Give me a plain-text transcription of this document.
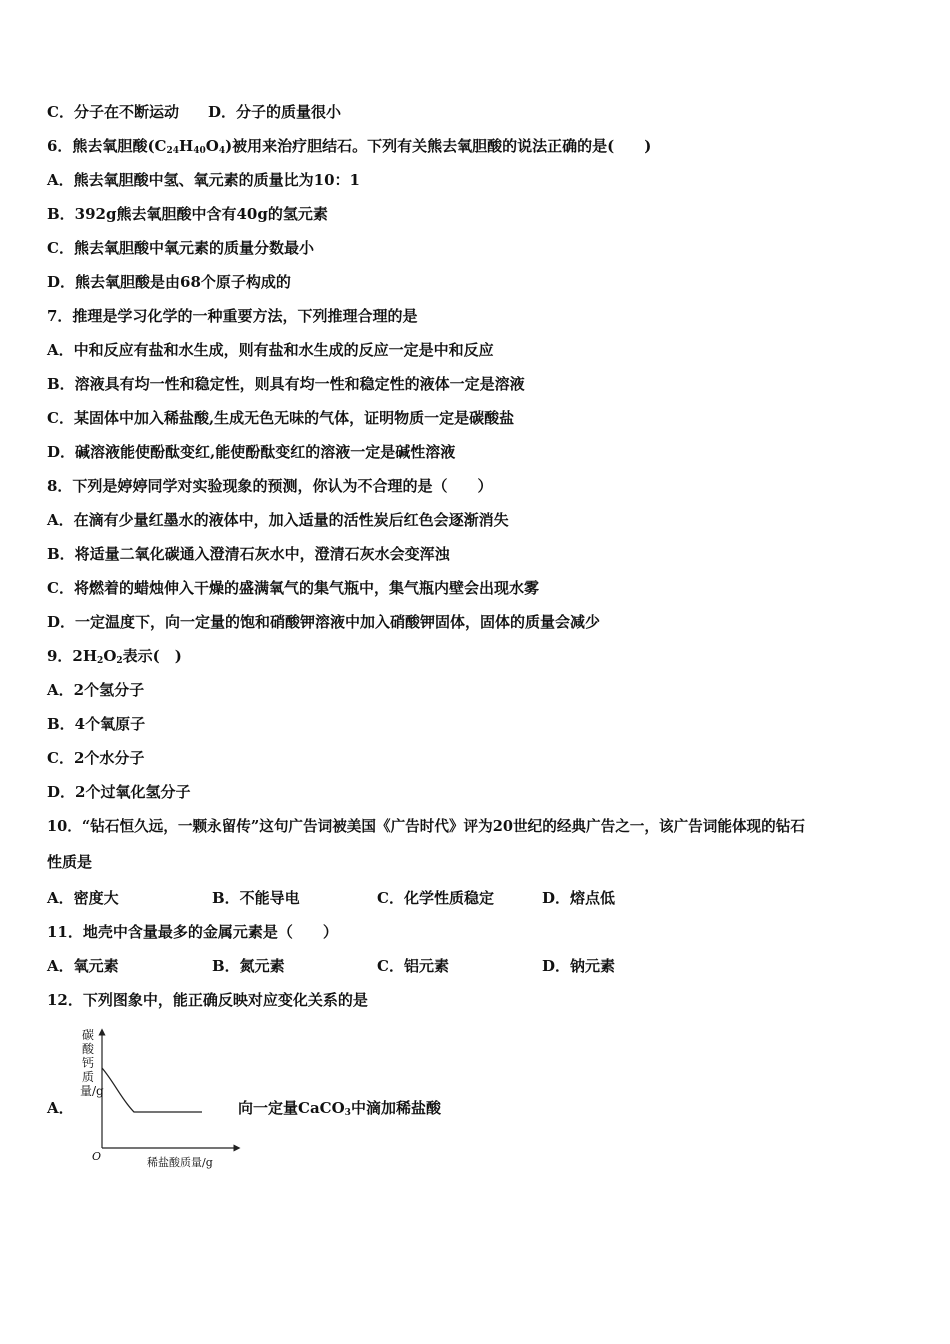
C．分子在不断运动 D．分子的质量很小
6．熊去氧胆酸$(C_{24}H_{40}O_4)$被用来治疗胆结石。下列有关熊去氧胆酸的说法正确的是(　　)
A．熊去氧胆酸中氢、氧元素的质量比为10：1
B．392g熊去氧胆酸中含有40g的氢元素
C．熊去氧胆酸中氧元素的质量分数最小
D．熊去氧胆酸是由68个原子构成的
7．推理是学习化学的一种重要方法，下列推理合理的是
A．中和反应有盐和水生成，则有盐和水生成的反应一定是中和反应
B．溶液具有均一性和稳定性，则具有均一性和稳定性的液体一定是溶液
C．某固体中加入稀盐酸,生成无色无味的气体，证明物质一定是碳酸盐
D．碱溶液能使酚酞变红,能使酚酞变红的溶液一定是碱性溶液
8．下列是婷婷同学对实验现象的预测，你认为不合理的是（　　）
A．在滴有少量红墨水的液体中，加入适量的活性炭后红色会逐渐消失
B．将适量二氧化碳通入澄清石灰水中，澄清石灰水会变浑浊
C．将燃着的蜡烛伸入干燥的盛满氧气的集气瓶中，集气瓶内壁会出现水雾
D．一定温度下，向一定量的饱和硝酸钾溶液中加入硝酸钾固体，固体的质量会减少
9．$2H_2O_2$表示(　)
A．2个氢分子
B．4个氧原子
C．2个水分子
D．2个过氧化氢分子
10．“钻石恒久远，一颗永留传”这句广告词被美国《广告时代》评为20世纪的经典广告之一，该广告词能体现的钻石
性质是
A．密度大	B．不能导电	C．化学性质稳定	D．熔点低
11．地壳中含量最多的金属元素是（　　）
A．氧元素	B．氮元素	C．铝元素	D．钠元素
12．下列图象中，能正确反映对应变化关系的是
A．
碳酸钙质量/g
O	稀盐酸质量/g
向一定量CaCO$_3$中滴加稀盐酸
